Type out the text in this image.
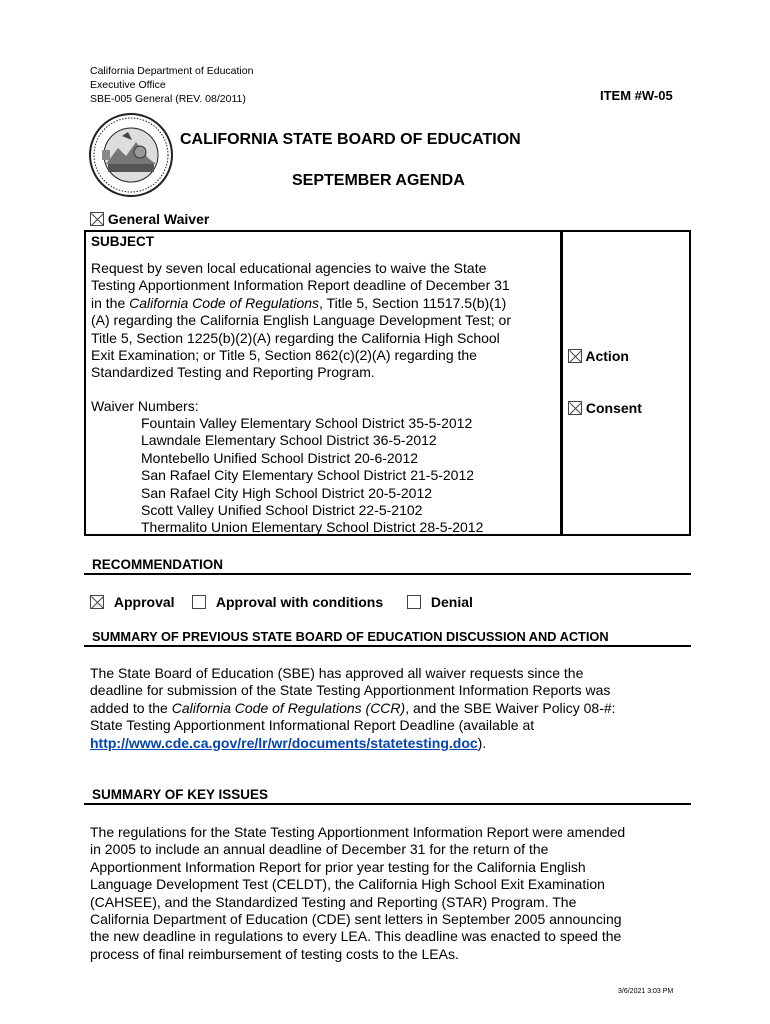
California Department of Education
Executive Office
SBE-005 General (REV. 08/2011)	ITEM #W-05
CALIFORNIA STATE BOARD OF EDUCATION
SEPTEMBER AGENDA
General Waiver
SUBJECT
Request by seven local educational agencies to waive the State
Testing Apportionment Information Report deadline of December 31
in the California Code of Regulations, Title 5, Section 11517.5(b)(1)
(A) regarding the California English Language Development Test; or
Title 5, Section 1225(b)(2)(A) regarding the California High School
Exit Examination; or Title 5, Section 862(c)(2)(A) regarding the
Standardized Testing and Reporting Program.
Waiver Numbers:
Fountain Valley Elementary School District 35-5-2012
Lawndale Elementary School District 36-5-2012
Montebello Unified School District 20-6-2012
San Rafael City Elementary School District 21-5-2012
San Rafael City High School District 20-5-2012
Scott Valley Unified School District 22-5-2102
Thermalito Union Elementary School District 28-5-2012
Action
Consent
RECOMMENDATION
Approval	Approval with conditions	Denial
SUMMARY OF PREVIOUS STATE BOARD OF EDUCATION DISCUSSION AND ACTION
The State Board of Education (SBE) has approved all waiver requests since the
deadline for submission of the State Testing Apportionment Information Reports was
added to the California Code of Regulations (CCR), and the SBE Waiver Policy 08-#:
State Testing Apportionment Informational Report Deadline (available at
http://www.cde.ca.gov/re/lr/wr/documents/statetesting.doc).
SUMMARY OF KEY ISSUES
The regulations for the State Testing Apportionment Information Report were amended
in 2005 to include an annual deadline of December 31 for the return of the
Apportionment Information Report for prior year testing for the California English
Language Development Test (CELDT), the California High School Exit Examination
(CAHSEE), and the Standardized Testing and Reporting (STAR) Program. The
California Department of Education (CDE) sent letters in September 2005 announcing
the new deadline in regulations to every LEA. This deadline was enacted to speed the
process of final reimbursement of testing costs to the LEAs.
3/6/2021 3:03 PM
